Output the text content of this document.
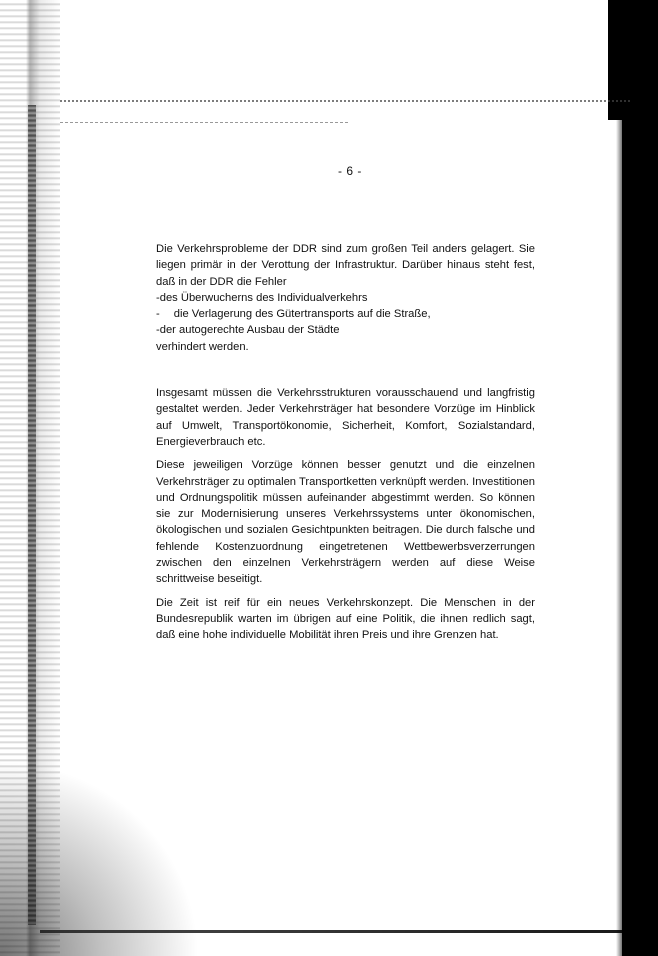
- 6 -

Die Verkehrsprobleme der DDR sind zum großen Teil anders gelagert. Sie liegen primär in der Verottung der Infrastruktur. Darüber hinaus steht fest, daß in der DDR die Fehler

-des Überwucherns des Individualverkehrs
- die Verlagerung des Gütertransports auf die Straße,
-der autogerechte Ausbau der Städte

verhindert werden.

Insgesamt müssen die Verkehrsstrukturen vorausschauend und langfristig gestaltet werden. Jeder Verkehrsträger hat besondere Vorzüge im Hinblick auf Umwelt, Transportökonomie, Sicherheit, Komfort, Sozialstandard, Energieverbrauch etc.

Diese jeweiligen Vorzüge können besser genutzt und die einzelnen Verkehrsträger zu optimalen Transportketten verknüpft werden. Investitionen und Ordnungspolitik müssen aufeinander abgestimmt werden. So können sie zur Modernisierung unseres Verkehrssystems unter ökonomischen, ökologischen und sozialen Gesichtpunkten beitragen. Die durch falsche und fehlende Kostenzuordnung eingetretenen Wettbewerbsverzerrungen zwischen den einzelnen Verkehrsträgern werden auf diese Weise schrittweise beseitigt.

Die Zeit ist reif für ein neues Verkehrskonzept. Die Menschen in der Bundesrepublik warten im übrigen auf eine Politik, die ihnen redlich sagt, daß eine hohe individuelle Mobilität ihren Preis und ihre Grenzen hat.
